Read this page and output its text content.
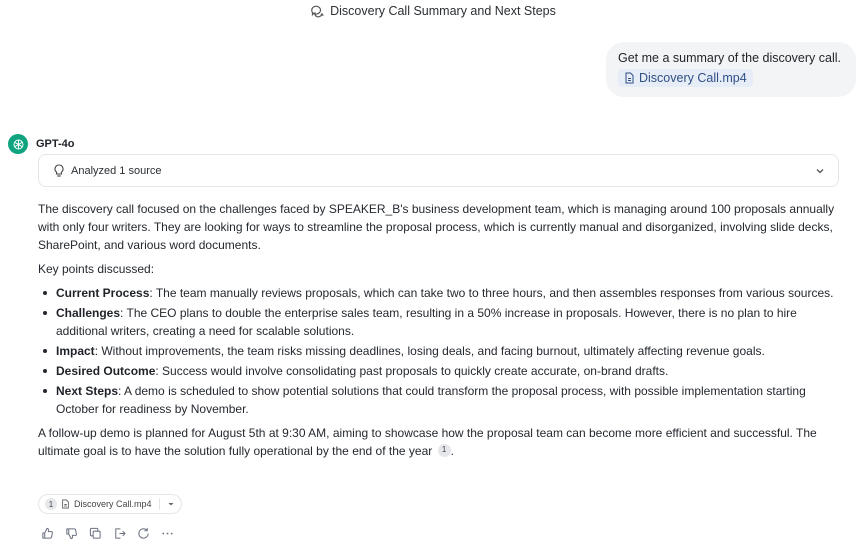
Discovery Call Summary and Next Steps
Get me a summary of the discovery call.
Discovery Call.mp4
GPT-4o
Analyzed 1 source

The discovery call focused on the challenges faced by SPEAKER_B's business development team, which is managing around 100 proposals annually with only four writers. They are looking for ways to streamline the proposal process, which is currently manual and disorganized, involving slide decks, SharePoint, and various word documents.

Key points discussed:

Current Process: The team manually reviews proposals, which can take two to three hours, and then assembles responses from various sources.
Challenges: The CEO plans to double the enterprise sales team, resulting in a 50% increase in proposals. However, there is no plan to hire additional writers, creating a need for scalable solutions.
Impact: Without improvements, the team risks missing deadlines, losing deals, and facing burnout, ultimately affecting revenue goals.
Desired Outcome: Success would involve consolidating past proposals to quickly create accurate, on-brand drafts.
Next Steps: A demo is scheduled to show potential solutions that could transform the proposal process, with possible implementation starting October for readiness by November.

A follow-up demo is planned for August 5th at 9:30 AM, aiming to showcase how the proposal team can become more efficient and successful. The ultimate goal is to have the solution fully operational by the end of the year 1 .

1	Discovery Call.mp4
